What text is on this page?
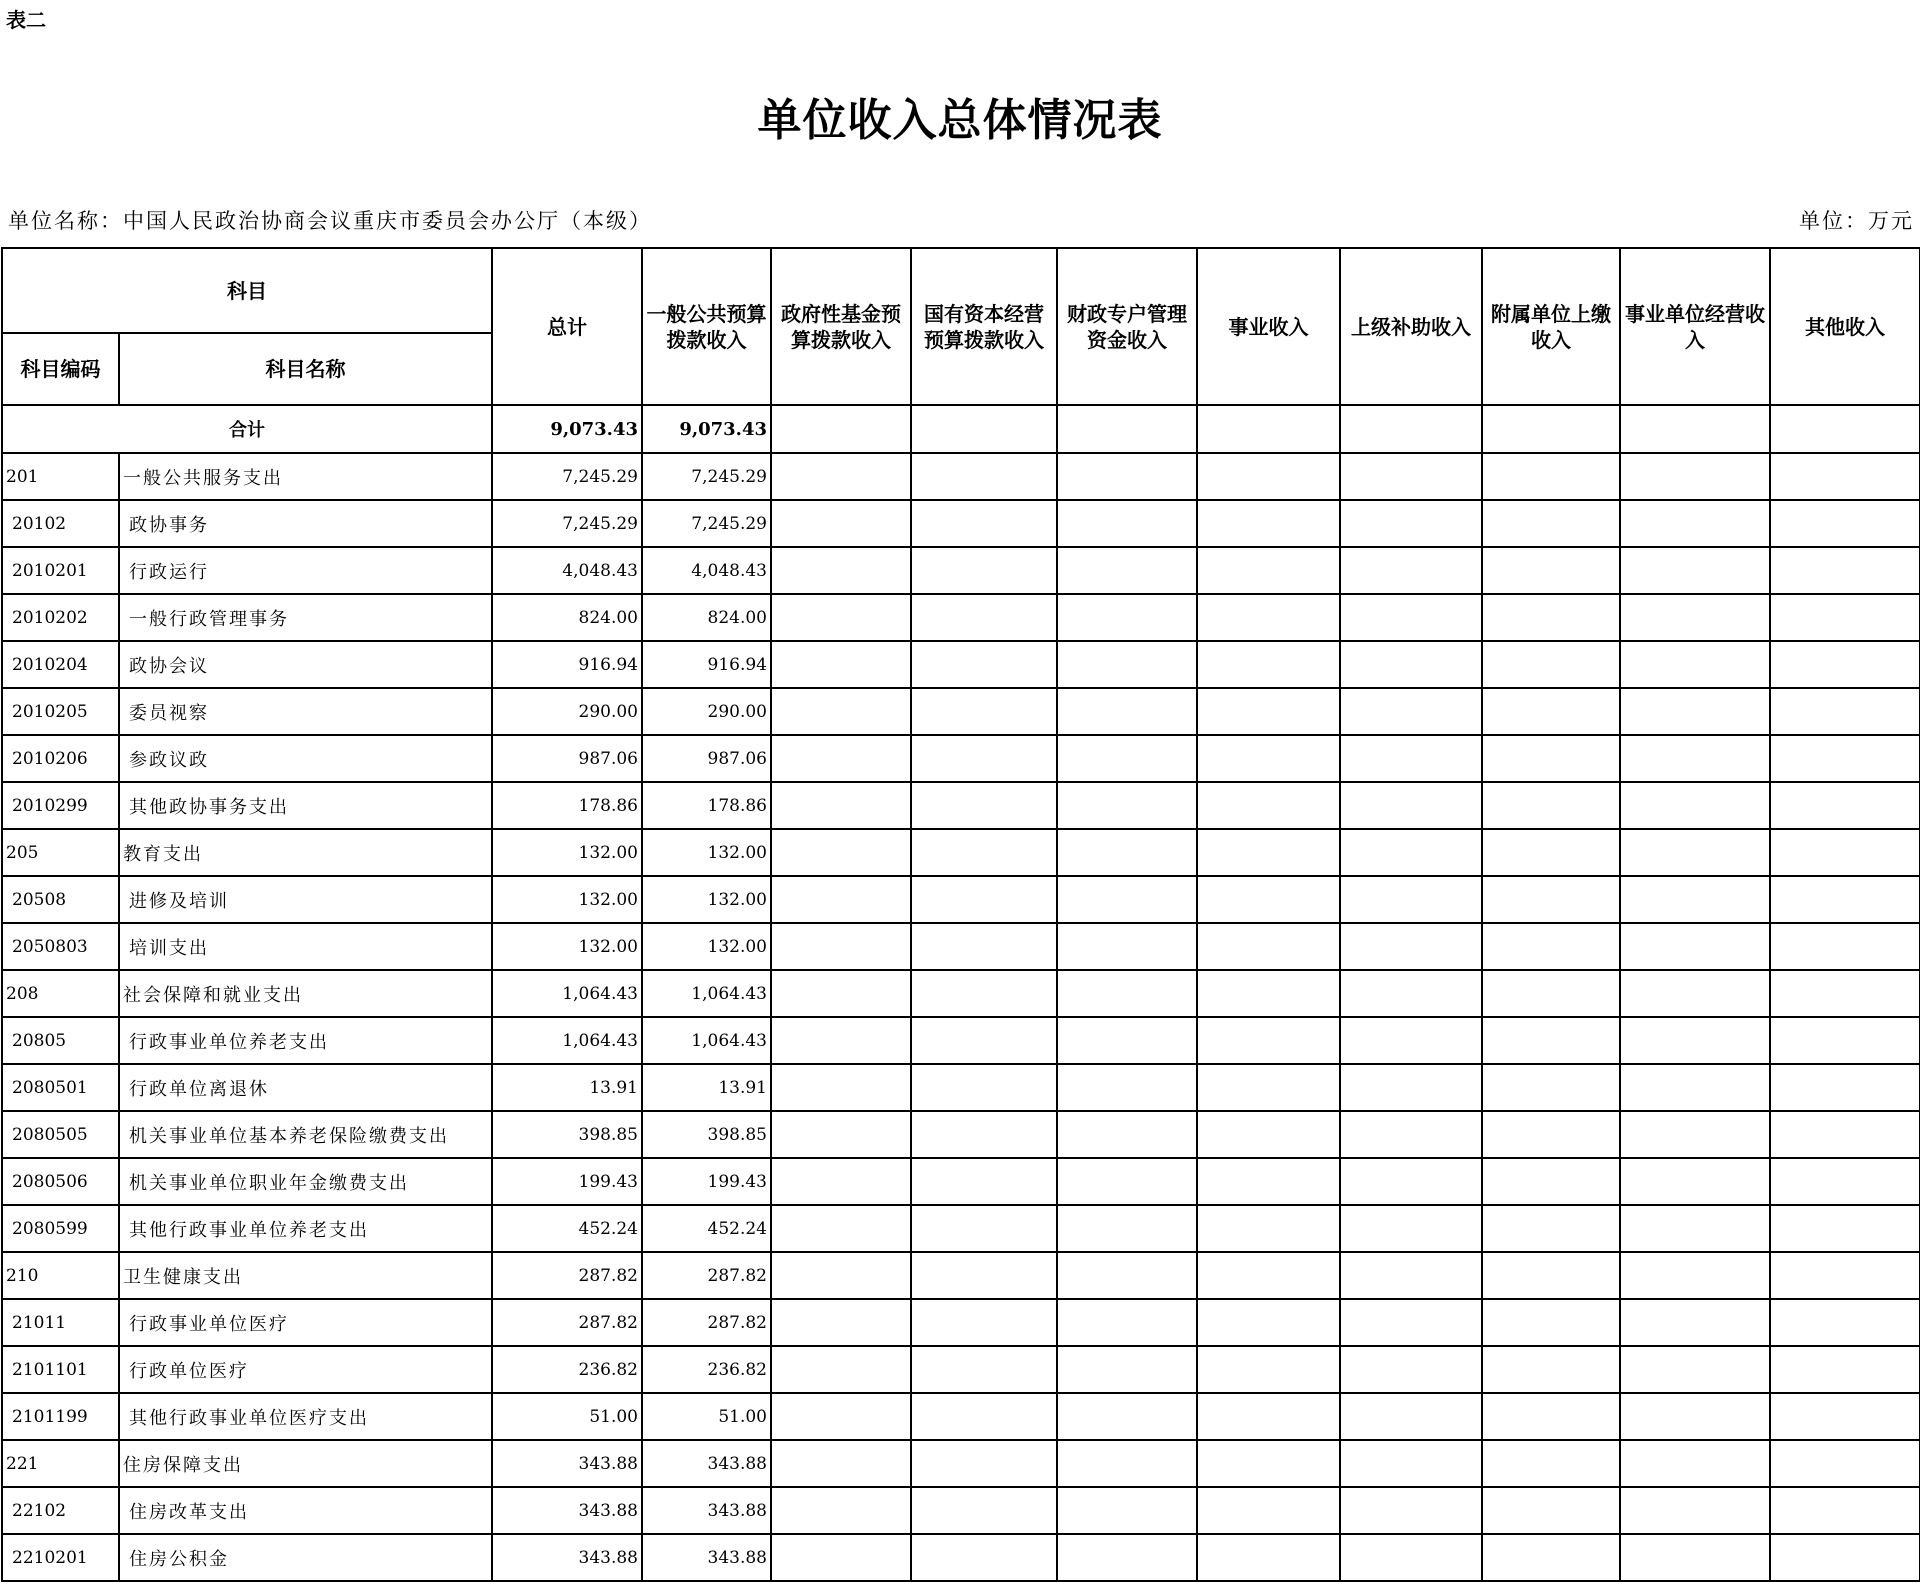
表二
单位收入总体情况表
单位名称：中国人民政治协商会议重庆市委员会办公厅（本级）	单位：万元
科目		总计	一般公共预算拨款收入	政府性基金预算拨款收入	国有资本经营预算拨款收入	财政专户管理资金收入	事业收入	上级补助收入	附属单位上缴收入	事业单位经营收入	其他收入
科目编码	科目名称										
合计		9,073.43	9,073.43								
201	一般公共服务支出	7,245.29	7,245.29								
20102	政协事务	7,245.29	7,245.29								
2010201	行政运行	4,048.43	4,048.43								
2010202	一般行政管理事务	824.00	824.00								
2010204	政协会议	916.94	916.94								
2010205	委员视察	290.00	290.00								
2010206	参政议政	987.06	987.06								
2010299	其他政协事务支出	178.86	178.86								
205	教育支出	132.00	132.00								
20508	进修及培训	132.00	132.00								
2050803	培训支出	132.00	132.00								
208	社会保障和就业支出	1,064.43	1,064.43								
20805	行政事业单位养老支出	1,064.43	1,064.43								
2080501	行政单位离退休	13.91	13.91								
2080505	机关事业单位基本养老保险缴费支出	398.85	398.85								
2080506	机关事业单位职业年金缴费支出	199.43	199.43								
2080599	其他行政事业单位养老支出	452.24	452.24								
210	卫生健康支出	287.82	287.82								
21011	行政事业单位医疗	287.82	287.82								
2101101	行政单位医疗	236.82	236.82								
2101199	其他行政事业单位医疗支出	51.00	51.00								
221	住房保障支出	343.88	343.88								
22102	住房改革支出	343.88	343.88								
2210201	住房公积金	343.88	343.88								
